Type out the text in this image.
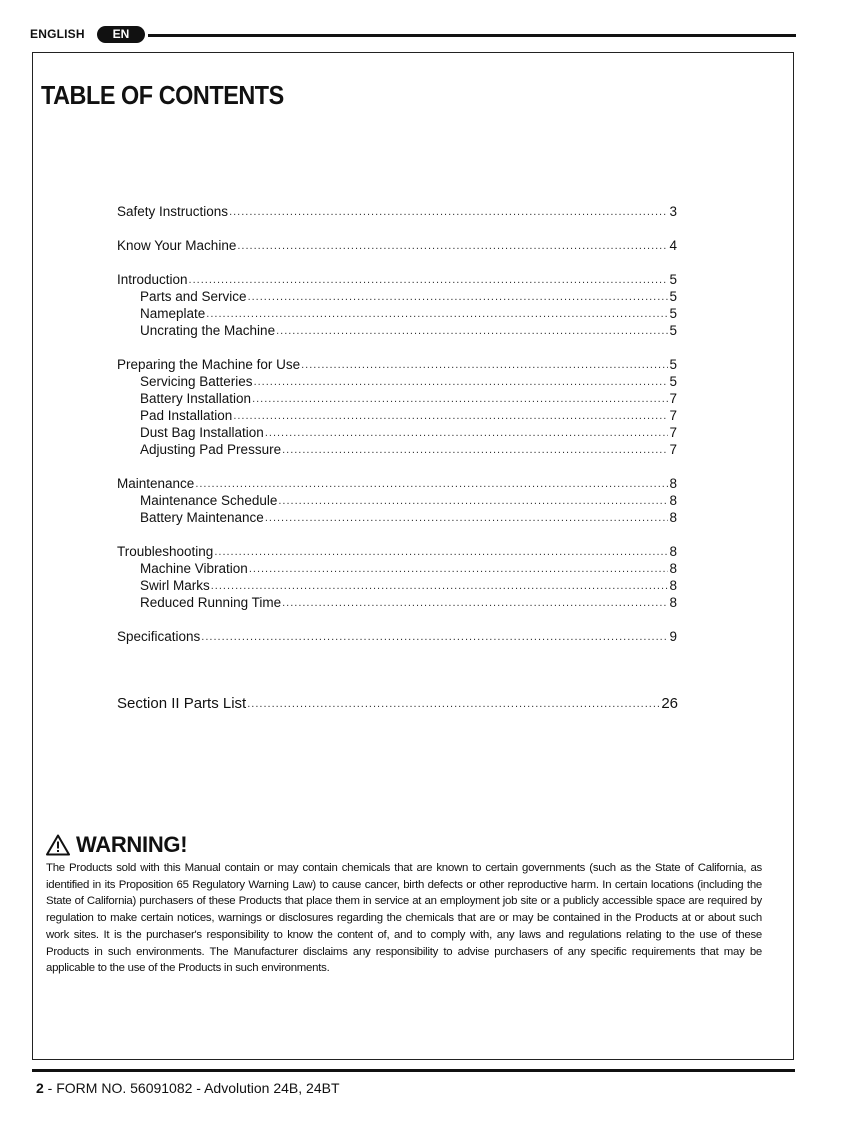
ENGLISH	EN
TABLE OF CONTENTS
Safety Instructions .....	3
Know Your Machine .....	4
Introduction .....	5
Parts and Service .....	5
Nameplate .....	5
Uncrating the Machine .....	5
Preparing the Machine for Use .....	5
Servicing Batteries .....	5
Battery Installation .....	7
Pad Installation .....	7
Dust Bag Installation .....	7
Adjusting Pad Pressure .....	7
Maintenance .....	8
Maintenance Schedule .....	8
Battery Maintenance .....	8
Troubleshooting .....	8
Machine Vibration .....	8
Swirl Marks .....	8
Reduced Running Time .....	8
Specifications .....	9
Section II Parts List .....	26
WARNING!

The Products sold with this Manual contain or may contain chemicals that are known to certain governments (such as the State of California, as identified in its Proposition 65 Regulatory Warning Law) to cause cancer, birth defects or other reproductive harm. In certain locations (including the State of California) purchasers of these Products that place them in service at an employment job site or a publicly accessible space are required by regulation to make certain notices, warnings or disclosures regarding the chemicals that are or may be contained in the Products at or about such work sites. It is the purchaser's responsibility to know the content of, and to comply with, any laws and regulations relating to the use of these Products in such environments. The Manufacturer disclaims any responsibility to advise purchasers of any specific requirements that may be applicable to the use of the Products in such environments.

2 - FORM NO. 56091082 - Advolution 24B, 24BT
